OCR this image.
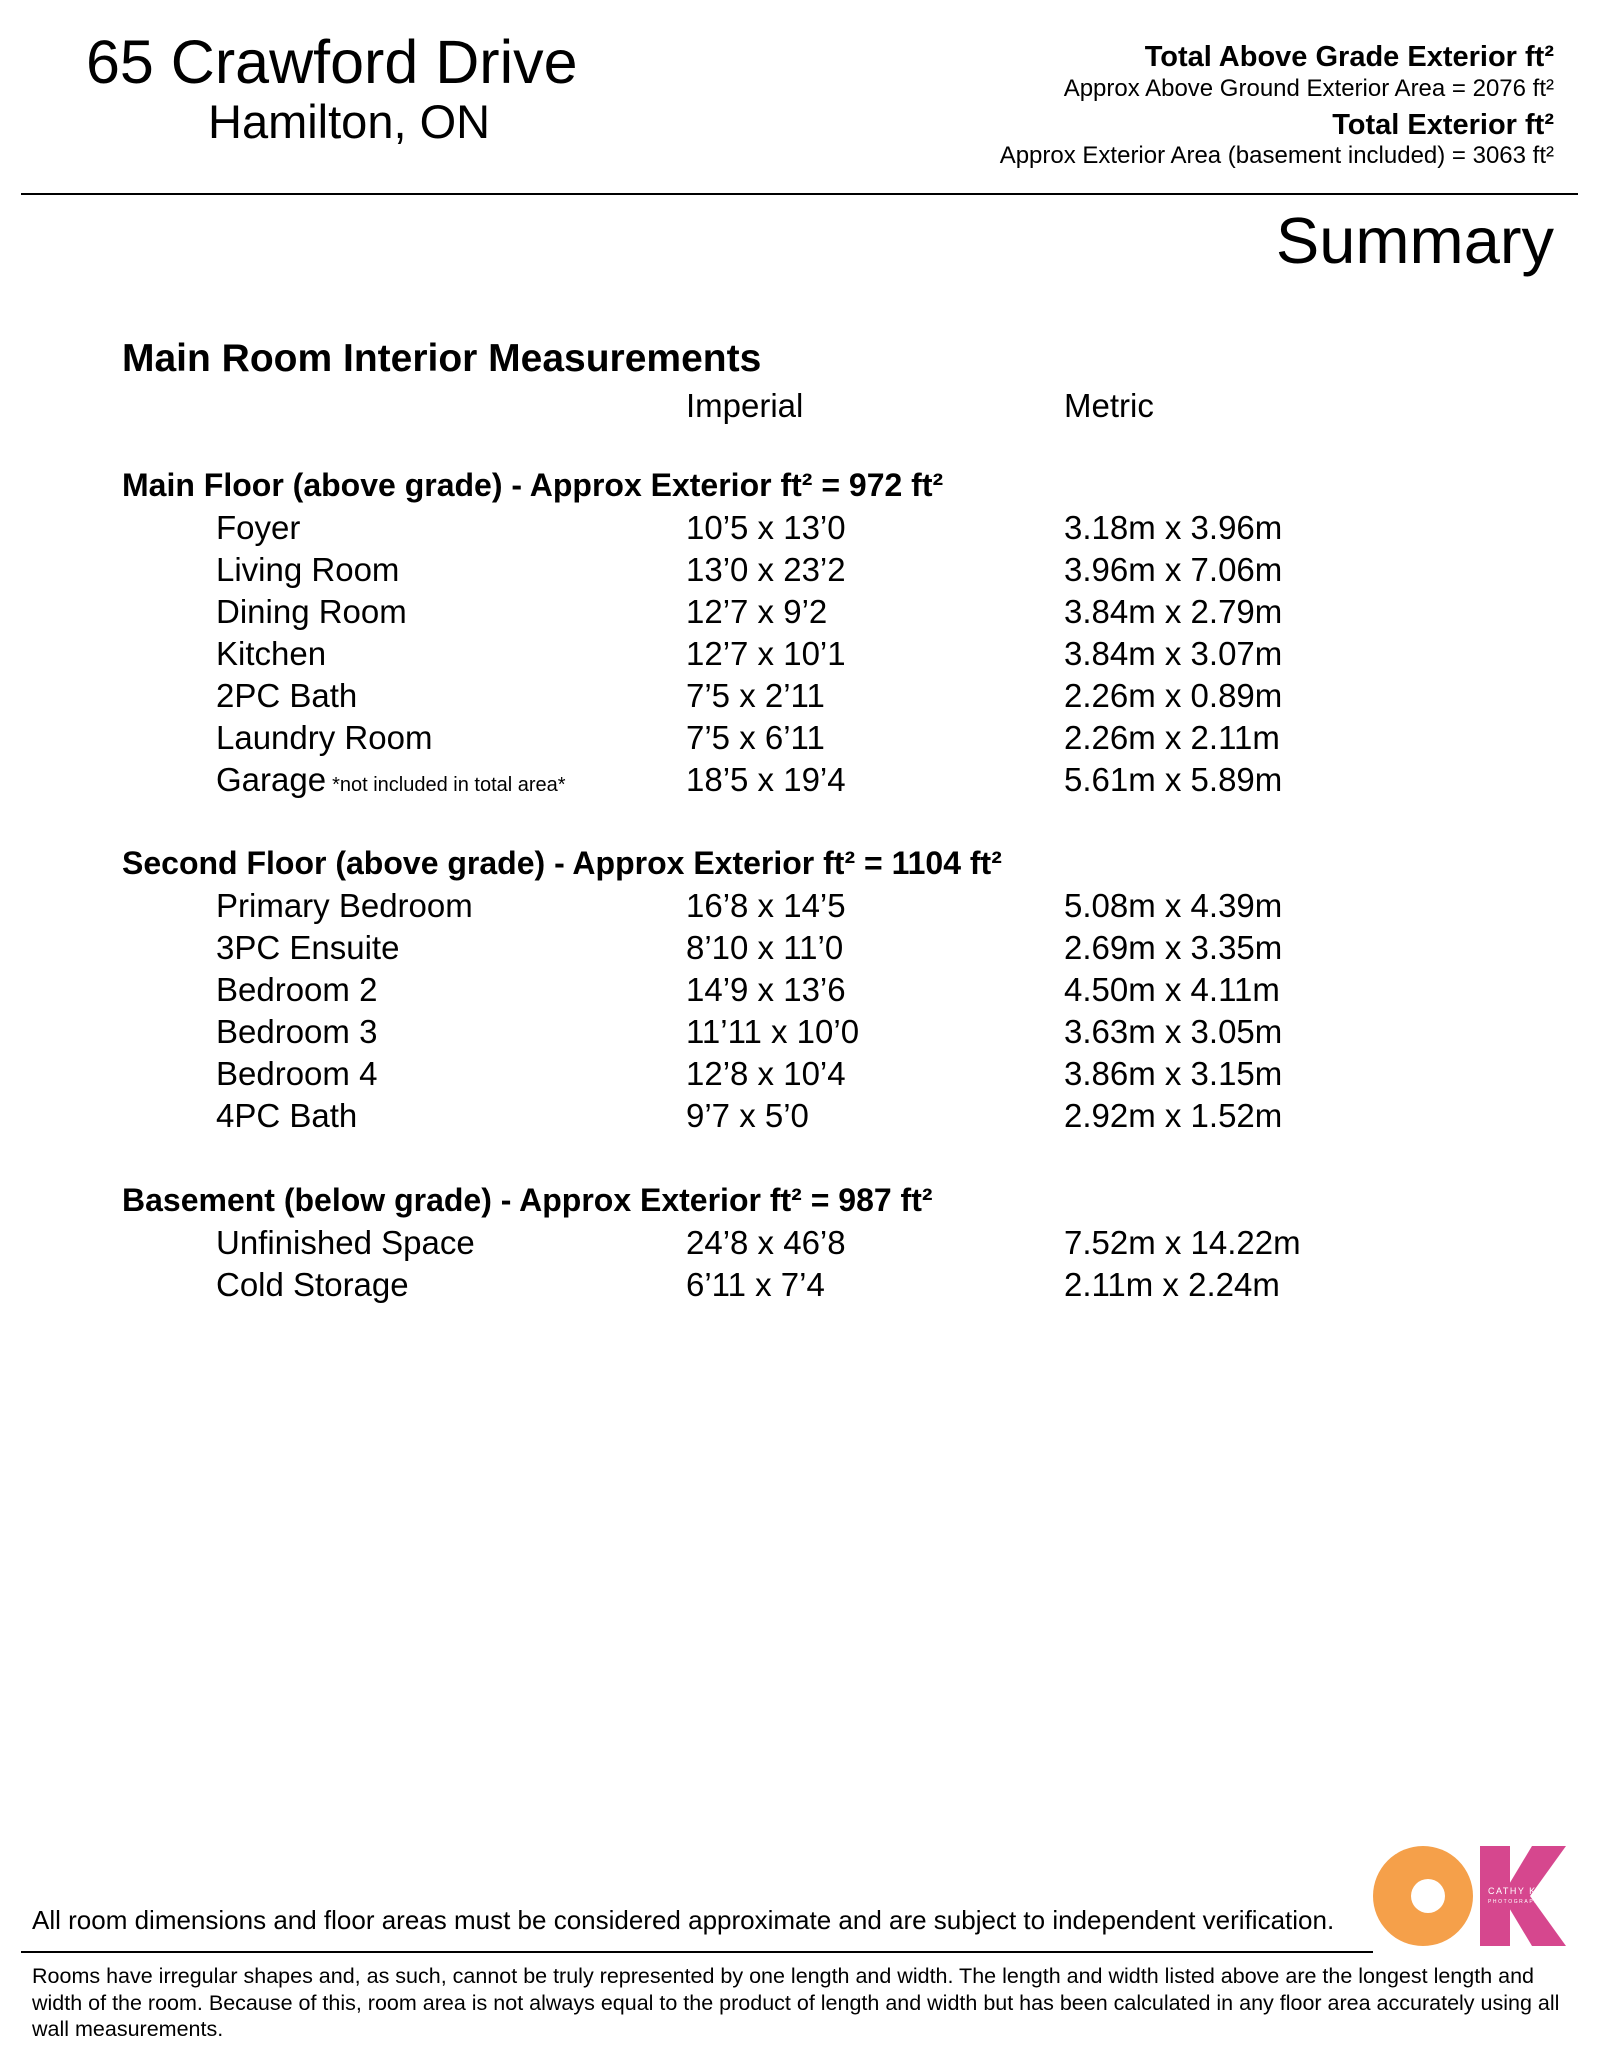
65 Crawford Drive
Hamilton, ON
Total Above Grade Exterior ft²
Approx Above Ground Exterior Area = 2076 ft²
Total Exterior ft²
Approx Exterior Area (basement included) = 3063 ft²
Summary
Main Room Interior Measurements
Imperial	Metric
Main Floor (above grade) - Approx Exterior ft² = 972 ft²
Foyer	10’5 x 13’0	3.18m x 3.96m
Living Room	13’0 x 23’2	3.96m x 7.06m
Dining Room	12’7 x 9’2	3.84m x 2.79m
Kitchen	12’7 x 10’1	3.84m x 3.07m
2PC Bath	7’5 x 2’11	2.26m x 0.89m
Laundry Room	7’5 x 6’11	2.26m x 2.11m
Garage *not included in total area*	18’5 x 19’4	5.61m x 5.89m
Second Floor (above grade) - Approx Exterior ft² = 1104 ft²
Primary Bedroom	16’8 x 14’5	5.08m x 4.39m
3PC Ensuite	8’10 x 11’0	2.69m x 3.35m
Bedroom 2	14’9 x 13’6	4.50m x 4.11m
Bedroom 3	11’11 x 10’0	3.63m x 3.05m
Bedroom 4	12’8 x 10’4	3.86m x 3.15m
4PC Bath	9’7 x 5’0	2.92m x 1.52m
Basement (below grade) - Approx Exterior ft² = 987 ft²
Unfinished Space	24’8 x 46’8	7.52m x 14.22m
Cold Storage	6’11 x 7’4	2.11m x 2.24m
All room dimensions and floor areas must be considered approximate and are subject to independent verification.
Rooms have irregular shapes and, as such, cannot be truly represented by one length and width. The length and width listed above are the longest length and width of the room. Because of this, room area is not always equal to the product of length and width but has been calculated in any floor area accurately using all wall measurements.
CATHY KOOP
PHOTOGRAPHY
